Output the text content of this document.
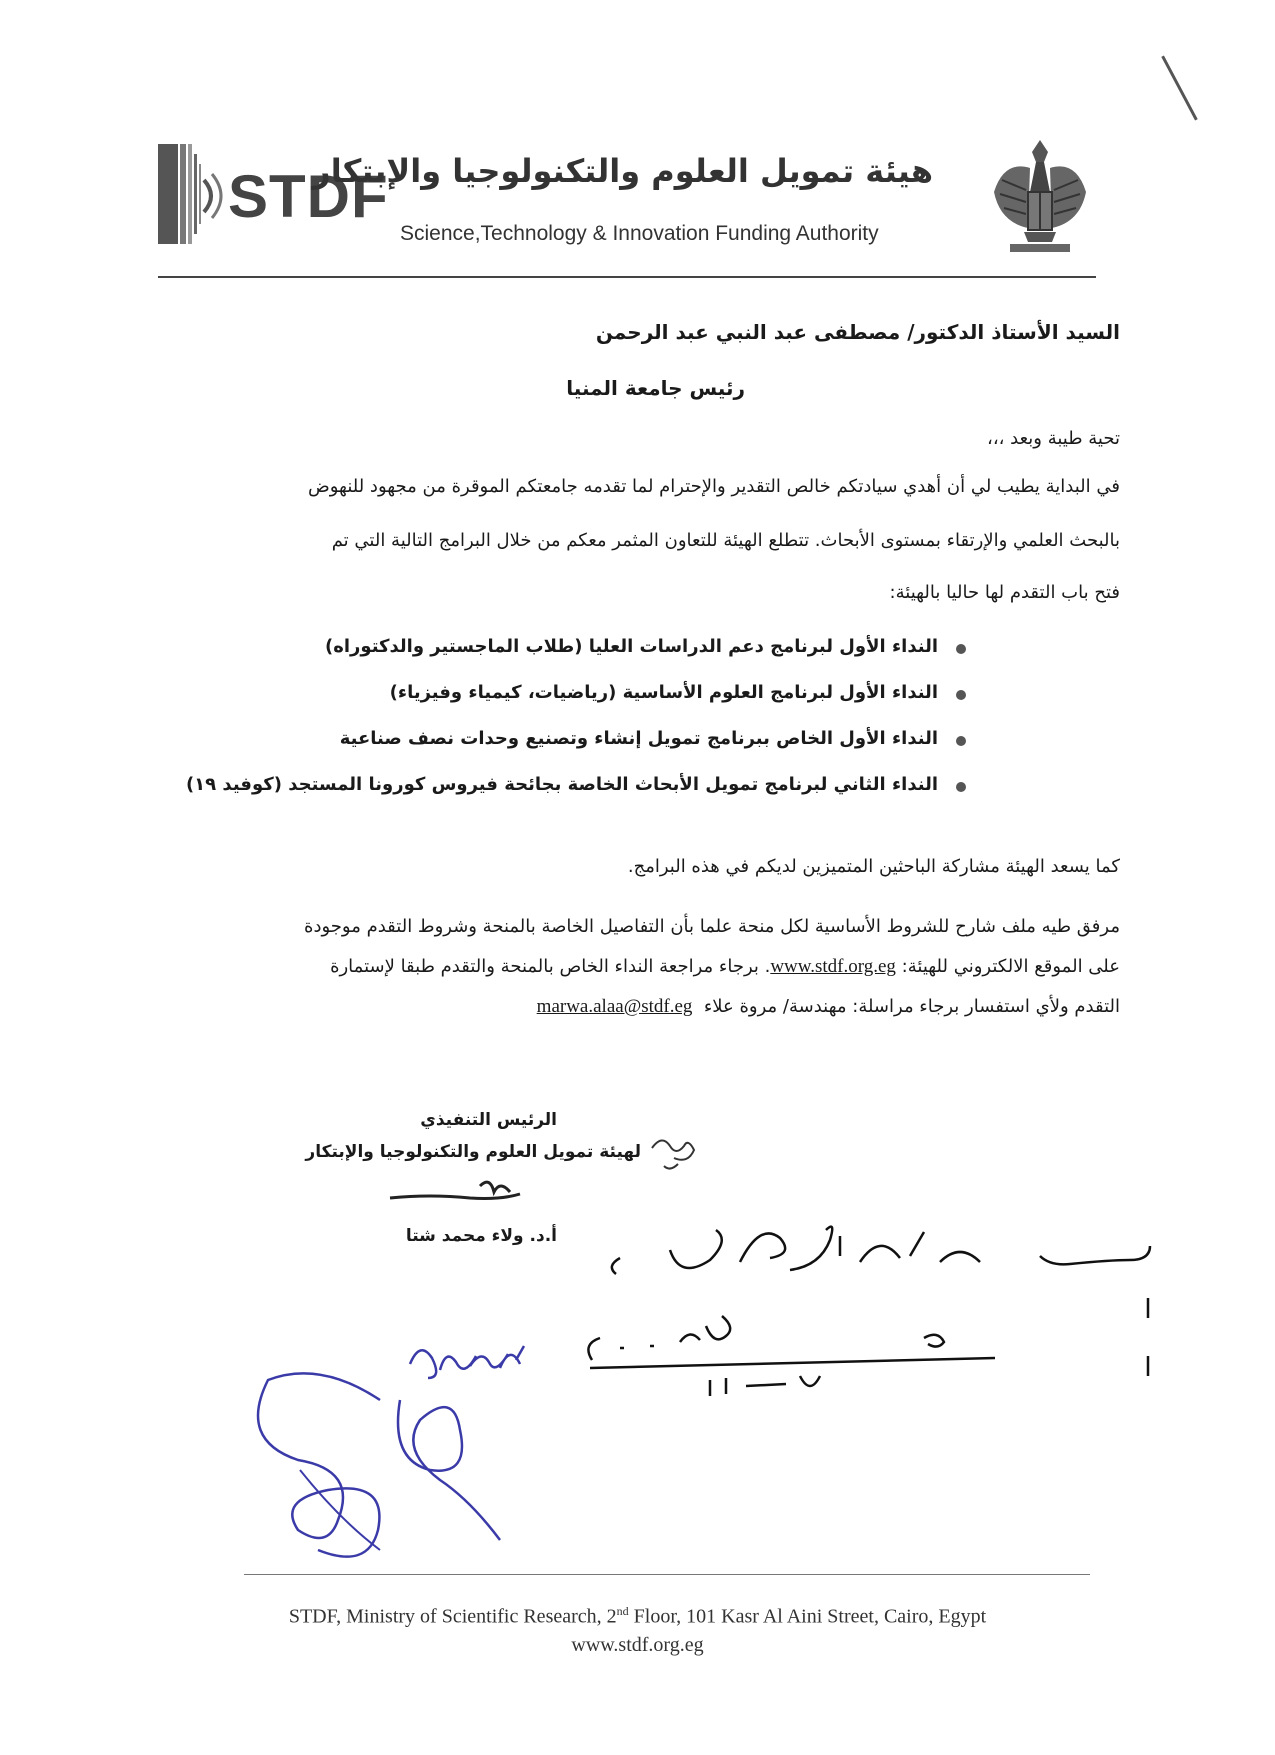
STDF
هيئة تمويل العلوم والتكنولوجيا والإبتكار
Science,Technology & Innovation Funding Authority
السيد الأستاذ الدكتور/ مصطفى عبد النبي عبد الرحمن
رئيس جامعة المنيا
تحية طيبة وبعد ،،،
في البداية يطيب لي أن أهدي سيادتكم خالص التقدير والإحترام لما تقدمه جامعتكم الموقرة من مجهود للنهوض
بالبحث العلمي والإرتقاء بمستوى الأبحاث. تتطلع الهيئة للتعاون المثمر معكم من خلال البرامج التالية التي تم
فتح باب التقدم لها حاليا بالهيئة:
النداء الأول لبرنامج دعم الدراسات العليا (طلاب الماجستير والدكتوراه)
النداء الأول لبرنامج العلوم الأساسية (رياضيات، كيمياء وفيزياء)
النداء الأول الخاص ببرنامج تمويل إنشاء وتصنيع وحدات نصف صناعية
النداء الثاني لبرنامج تمويل الأبحاث الخاصة بجائحة فيروس كورونا المستجد (كوفيد ١٩)
كما يسعد الهيئة مشاركة الباحثين المتميزين لديكم في هذه البرامج.
مرفق طيه ملف شارح للشروط الأساسية لكل منحة علما بأن التفاصيل الخاصة بالمنحة وشروط التقدم موجودة
على الموقع الالكتروني للهيئة: www.stdf.org.eg. برجاء مراجعة النداء الخاص بالمنحة والتقدم طبقا لإستمارة
التقدم ولأي استفسار برجاء مراسلة: مهندسة/ مروة علاء  marwa.alaa@stdf.eg
الرئيس التنفيذي
لهيئة تمويل العلوم والتكنولوجيا والإبتكار
أ.د. ولاء محمد شتا
STDF, Ministry of Scientific Research, 2nd Floor, 101 Kasr Al Aini Street, Cairo, Egypt
www.stdf.org.eg
